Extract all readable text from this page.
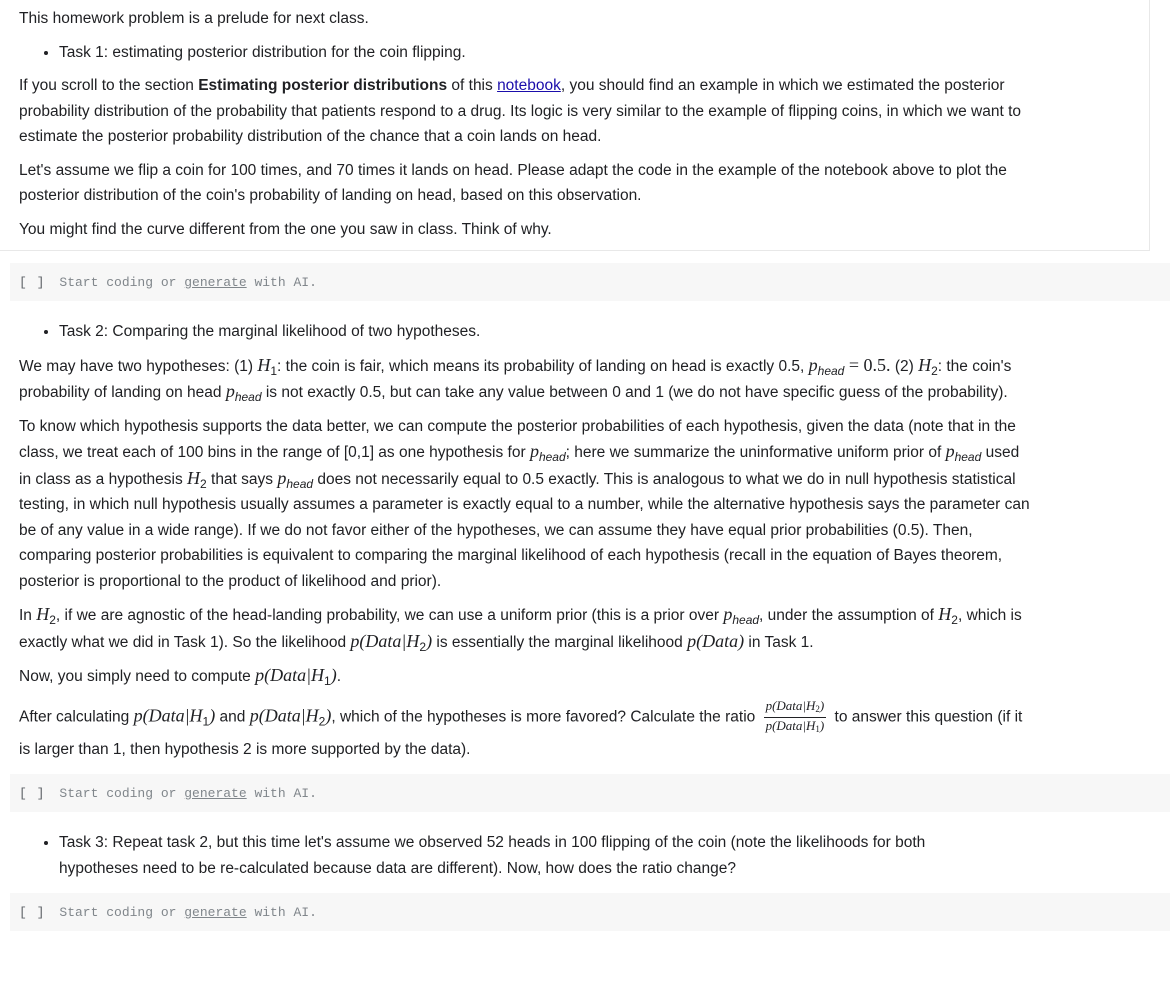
This homework problem is a prelude for next class.

• Task 1: estimating posterior distribution for the coin flipping.

If you scroll to the section Estimating posterior distributions of this notebook, you should find an example in which we estimated the posterior probability distribution of the probability that patients respond to a drug. Its logic is very similar to the example of flipping coins, in which we want to estimate the posterior probability distribution of the chance that a coin lands on head.

Let's assume we flip a coin for 100 times, and 70 times it lands on head. Please adapt the code in the example of the notebook above to plot the posterior distribution of the coin's probability of landing on head, based on this observation.

You might find the curve different from the one you saw in class. Think of why.

[ ] Start coding or generate with AI.
• Task 2: Comparing the marginal likelihood of two hypotheses.

We may have two hypotheses: (1) $H_1$: the coin is fair, which means its probability of landing on head is exactly 0.5, $p_{head} = 0.5$. (2) $H_2$: the coin's probability of landing on head $p_{head}$ is not exactly 0.5, but can take any value between 0 and 1 (we do not have specific guess of the probability).

To know which hypothesis supports the data better, we can compute the posterior probabilities of each hypothesis, given the data (note that in the class, we treat each of 100 bins in the range of [0,1] as one hypothesis for $p_{head}$; here we summarize the uninformative uniform prior of $p_{head}$ used in class as a hypothesis $H_2$ that says $p_{head}$ does not necessarily equal to 0.5 exactly. This is analogous to what we do in null hypothesis statistical testing, in which null hypothesis usually assumes a parameter is exactly equal to a number, while the alternative hypothesis says the parameter can be of any value in a wide range). If we do not favor either of the hypotheses, we can assume they have equal prior probabilities (0.5). Then, comparing posterior probabilities is equivalent to comparing the marginal likelihood of each hypothesis (recall in the equation of Bayes theorem, posterior is proportional to the product of likelihood and prior).

In $H_2$, if we are agnostic of the head-landing probability, we can use a uniform prior (this is a prior over $p_{head}$, under the assumption of $H_2$, which is exactly what we did in Task 1). So the likelihood $p(Data|H_2)$ is essentially the marginal likelihood p(Data) in Task 1.

Now, you simply need to compute $p(Data|H_1)$.

After calculating $p(Data|H_1)$ and $p(Data|H_2)$, which of the hypotheses is more favored? Calculate the ratio $\frac{p(Data|H_2)}{p(Data|H_1)}$ to answer this question (if it is larger than 1, then hypothesis 2 is more supported by the data).

[ ] Start coding or generate with AI.
• Task 3: Repeat task 2, but this time let's assume we observed 52 heads in 100 flipping of the coin (note the likelihoods for both hypotheses need to be re-calculated because data are different). Now, how does the ratio change?
[ ] Start coding or generate with AI.
